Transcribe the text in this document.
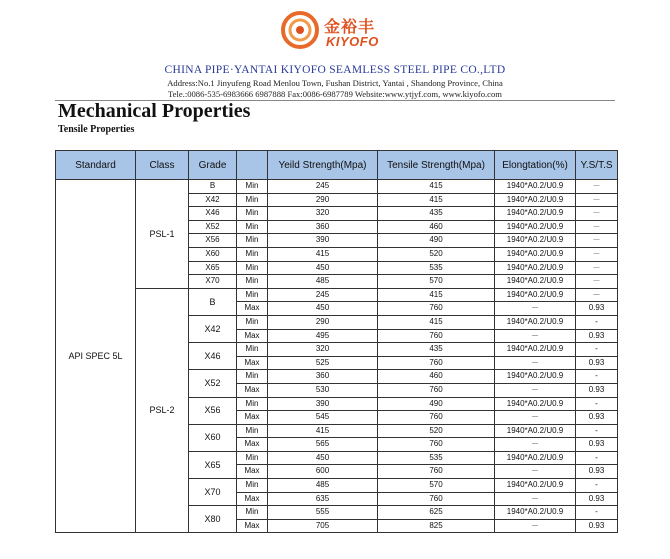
金裕丰
KIYOFO
CHINA PIPE·YANTAI KIYOFO SEAMLESS STEEL PIPE CO.,LTD
Address:No.1 Jinyufeng Road Menlou Town, Fushan District, Yantai , Shandong Province, China
Tele.:0086-535-6983666 6987888 Fax:0086-6987789 Website:www.ytjyf.com, www.kiyofo.com
Mechanical Properties
Tensile Properties
Standard	Class	Grade		Yeild Strength(Mpa)	Tensile Strength(Mpa)	Elongtation(%)	Y.S/T.S
API SPEC 5L	PSL-1	B	Min	245	415	1940*A0.2/U0.9	－
		X42	Min	290	415	1940*A0.2/U0.9	－
		X46	Min	320	435	1940*A0.2/U0.9	－
		X52	Min	360	460	1940*A0.2/U0.9	－
		X56	Min	390	490	1940*A0.2/U0.9	－
		X60	Min	415	520	1940*A0.2/U0.9	－
		X65	Min	450	535	1940*A0.2/U0.9	－
		X70	Min	485	570	1940*A0.2/U0.9	－
	PSL-2	B	Min	245	415	1940*A0.2/U0.9	－
			Max	450	760	－	0.93
		X42	Min	290	415	1940*A0.2/U0.9	-
			Max	495	760	－	0.93
		X46	Min	320	435	1940*A0.2/U0.9	-
			Max	525	760	－	0.93
		X52	Min	360	460	1940*A0.2/U0.9	-
			Max	530	760	－	0.93
		X56	Min	390	490	1940*A0.2/U0.9	-
			Max	545	760	－	0.93
		X60	Min	415	520	1940*A0.2/U0.9	-
			Max	565	760	－	0.93
		X65	Min	450	535	1940*A0.2/U0.9	-
			Max	600	760	－	0.93
		X70	Min	485	570	1940*A0.2/U0.9	-
			Max	635	760	－	0.93
		X80	Min	555	625	1940*A0.2/U0.9	-
			Max	705	825	－	0.93
